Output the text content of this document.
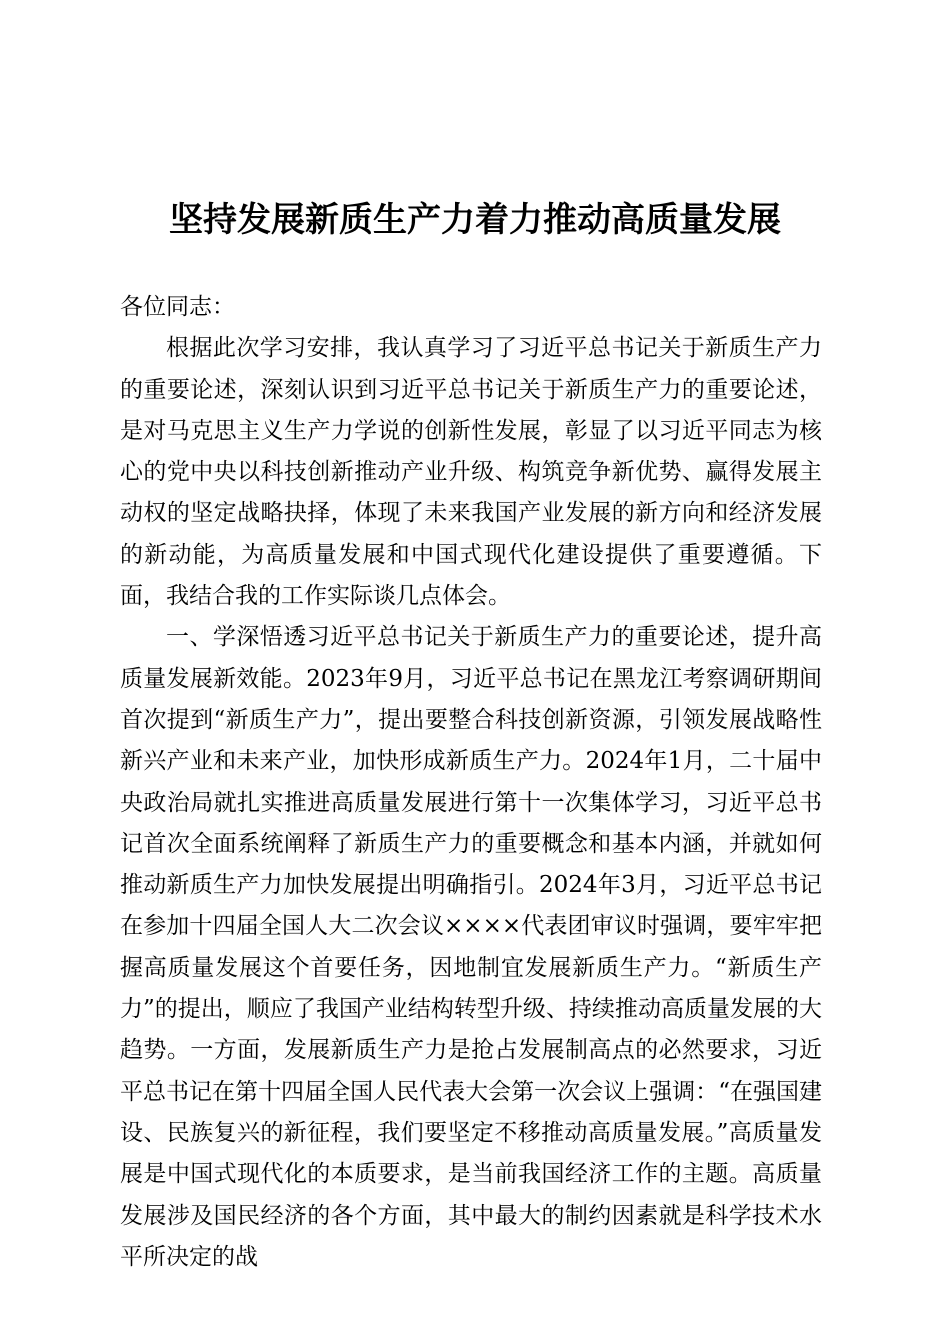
坚持发展新质生产力着力推动高质量发展

各位同志：

根据此次学习安排，我认真学习了习近平总书记关于新质生产力的重要论述，深刻认识到习近平总书记关于新质生产力的重要论述，是对马克思主义生产力学说的创新性发展，彰显了以习近平同志为核心的党中央以科技创新推动产业升级、构筑竞争新优势、赢得发展主动权的坚定战略抉择，体现了未来我国产业发展的新方向和经济发展的新动能，为高质量发展和中国式现代化建设提供了重要遵循。下面，我结合我的工作实际谈几点体会。

一、学深悟透习近平总书记关于新质生产力的重要论述，提升高质量发展新效能。2023年9月，习近平总书记在黑龙江考察调研期间首次提到“新质生产力”，提出要整合科技创新资源，引领发展战略性新兴产业和未来产业，加快形成新质生产力。2024年1月，二十届中央政治局就扎实推进高质量发展进行第十一次集体学习，习近平总书记首次全面系统阐释了新质生产力的重要概念和基本内涵，并就如何推动新质生产力加快发展提出明确指引。2024年3月，习近平总书记在参加十四届全国人大二次会议××××代表团审议时强调，要牢牢把握高质量发展这个首要任务，因地制宜发展新质生产力。“新质生产力”的提出，顺应了我国产业结构转型升级、持续推动高质量发展的大趋势。一方面，发展新质生产力是抢占发展制高点的必然要求，习近平总书记在第十四届全国人民代表大会第一次会议上强调：“在强国建设、民族复兴的新征程，我们要坚定不移推动高质量发展。”高质量发展是中国式现代化的本质要求，是当前我国经济工作的主题。高质量发展涉及国民经济的各个方面，其中最大的制约因素就是科学技术水平所决定的战
